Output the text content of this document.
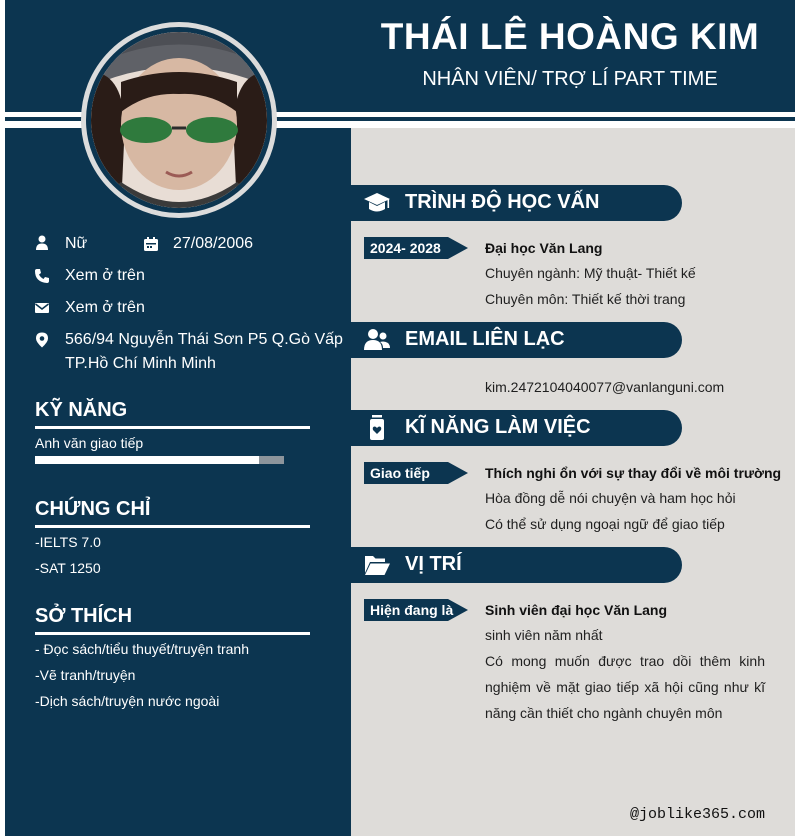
THÁI LÊ HOÀNG KIM
NHÂN VIÊN/ TRỢ LÍ PART TIME
Nữ	27/08/2006
Xem ở trên
Xem ở trên
566/94 Nguyễn Thái Sơn P5 Q.Gò Vấp
TP.Hồ Chí Minh Minh
KỸ NĂNG
Anh văn giao tiếp
CHỨNG CHỈ
-IELTS 7.0
-SAT 1250
SỞ THÍCH
- Đọc sách/tiểu thuyết/truyện tranh
-Vẽ tranh/truyện
-Dịch sách/truyện nước ngoài
TRÌNH ĐỘ HỌC VẤN
2024- 2028	Đại học Văn Lang
Chuyên ngành: Mỹ thuật- Thiết kế
Chuyên môn: Thiết kế thời trang
EMAIL LIÊN LẠC
kim.2472104040077@vanlanguni.com
KĨ NĂNG LÀM VIỆC
Giao tiếp	Thích nghi ổn với sự thay đổi về môi trường
Hòa đồng dễ nói chuyện và ham học hỏi
Có thể sử dụng ngoại ngữ để giao tiếp
VỊ TRÍ
Hiện đang là Sinh viên đại học Văn Lang
sinh viên năm nhất
Có mong muốn được trao dồi thêm kinh nghiệm về mặt giao tiếp xã hội cũng như kĩ năng cần thiết cho ngành chuyên môn
@joblike365.com
